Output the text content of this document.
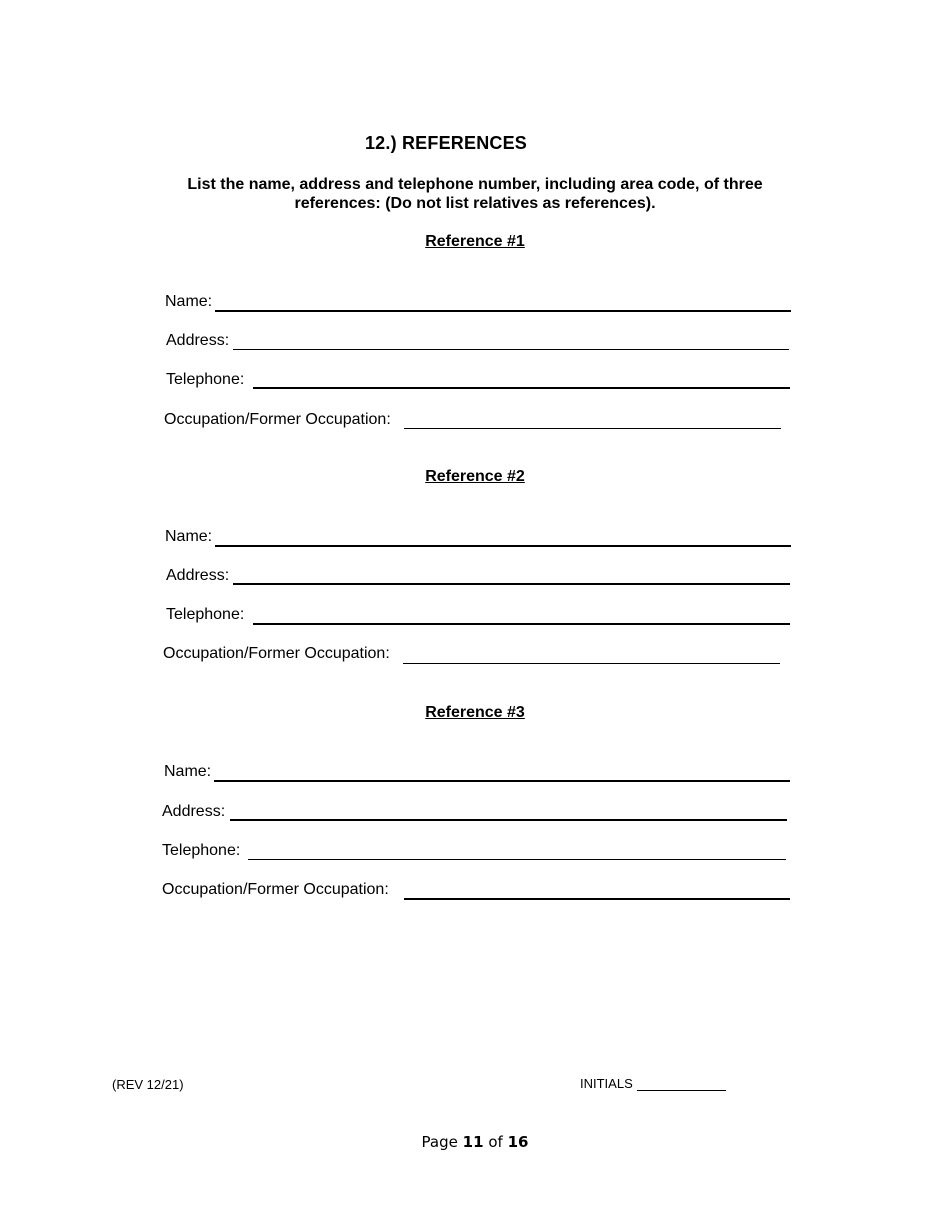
12.) REFERENCES
List the name, address and telephone number, including area code, of three references: (Do not list relatives as references).
Reference #1
Name:
Address:
Telephone:
Occupation/Former Occupation:
Reference #2
Name:
Address:
Telephone:
Occupation/Former Occupation:
Reference #3
Name:
Address:
Telephone:
Occupation/Former Occupation:
(REV 12/21)	INITIALS
Page 11 of 16
